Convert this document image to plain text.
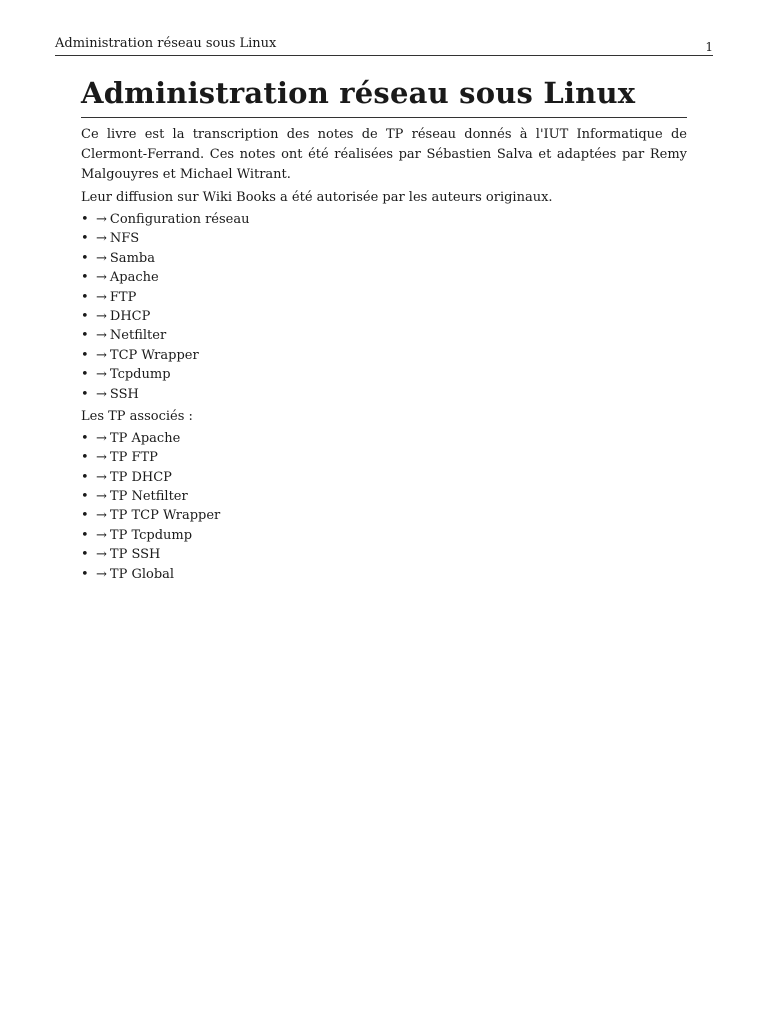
Administration réseau sous Linux	1
Administration réseau sous Linux

Ce livre est la transcription des notes de TP réseau donnés à l'IUT Informatique de Clermont-Ferrand. Ces notes ont été réalisées par Sébastien Salva et adaptées par Remy Malgouyres et Michael Witrant.

Leur diffusion sur Wiki Books a été autorisée par les auteurs originaux.

• → Configuration réseau
• → NFS
• → Samba
• → Apache
• → FTP
• → DHCP
• → Netfilter
• → TCP Wrapper
• → Tcpdump
• → SSH

Les TP associés :

• → TP Apache
• → TP FTP
• → TP DHCP
• → TP Netfilter
• → TP TCP Wrapper
• → TP Tcpdump
• → TP SSH
• → TP Global
